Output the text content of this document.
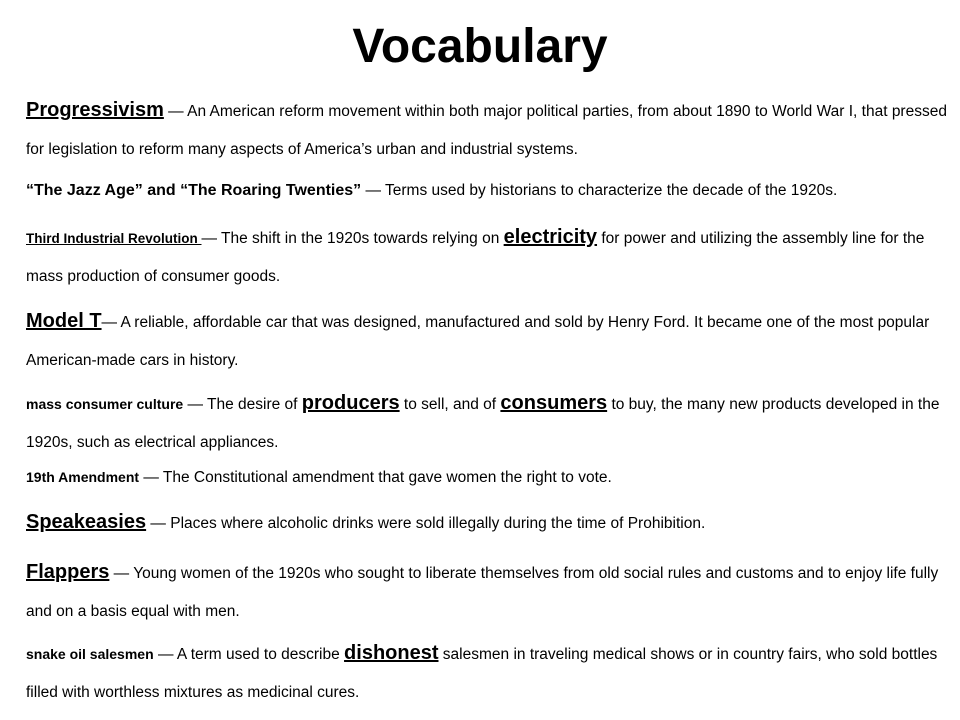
Vocabulary
Progressivism — An American reform movement within both major political parties, from about 1890 to World War I, that pressed for legislation to reform many aspects of America’s urban and industrial systems.
“The Jazz Age” and “The Roaring Twenties” — Terms used by historians to characterize the decade of the 1920s.
Third Industrial Revolution — The shift in the 1920s towards relying on electricity for power and utilizing the assembly line for the mass production of consumer goods.
Model T— A reliable, affordable car that was designed, manufactured and sold by Henry Ford. It became one of the most popular American-made cars in history.
mass consumer culture — The desire of producers to sell, and of consumers to buy, the many new products developed in the 1920s, such as electrical appliances.
19th Amendment — The Constitutional amendment that gave women the right to vote.
Speakeasies — Places where alcoholic drinks were sold illegally during the time of Prohibition.
Flappers — Young women of the 1920s who sought to liberate themselves from old social rules and customs and to enjoy life fully and on a basis equal with men.
snake oil salesmen — A term used to describe dishonest salesmen in traveling medical shows or in country fairs, who sold bottles filled with worthless mixtures as medicinal cures.
